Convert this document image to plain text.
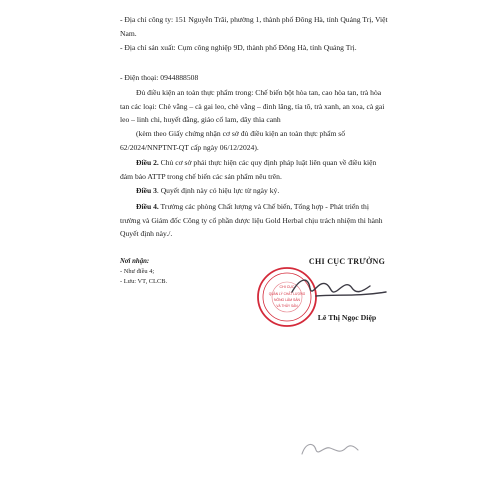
- Địa chỉ công ty: 151 Nguyễn Trãi, phường 1, thành phố Đông Hà, tỉnh Quảng Trị, Việt Nam.

- Địa chỉ sản xuất: Cụm công nghiệp 9D, thành phố Đông Hà, tỉnh Quảng Trị.

- Điện thoại: 0944888508

Đủ điều kiện an toàn thực phẩm trong: Chế biến bột hòa tan, cao hòa tan, trà hòa tan các loại: Chè vằng – cà gai leo, chè vằng – đinh lăng, tía tô, trà xanh, an xoa, cà gai leo – linh chi, huyết đằng, giảo cổ lam, dây thìa canh

(kèm theo Giấy chứng nhận cơ sở đủ điều kiện an toàn thực phẩm số 62/2024/NNPTNT-QT cấp ngày 06/12/2024).

Điều 2. Chủ cơ sở phải thực hiện các quy định pháp luật liên quan về điều kiện đảm bảo ATTP trong chế biến các sản phẩm nêu trên.

Điều 3. Quyết định này có hiệu lực từ ngày ký.

Điều 4. Trưởng các phòng Chất lượng và Chế biến, Tổng hợp - Phát triển thị trường và Giám đốc Công ty cổ phần dược liệu Gold Herbal chịu trách nhiệm thi hành Quyết định này./.

Nơi nhận:
- Như điều 4;
- Lưu: VT, CLCB.
CHI CỤC TRƯỞNG
CHI CỤC
QUẢN LÝ CHẤT LƯỢNG
NÔNG LÂM SẢN
VÀ THỦY SẢN
Lê Thị Ngọc Diệp
